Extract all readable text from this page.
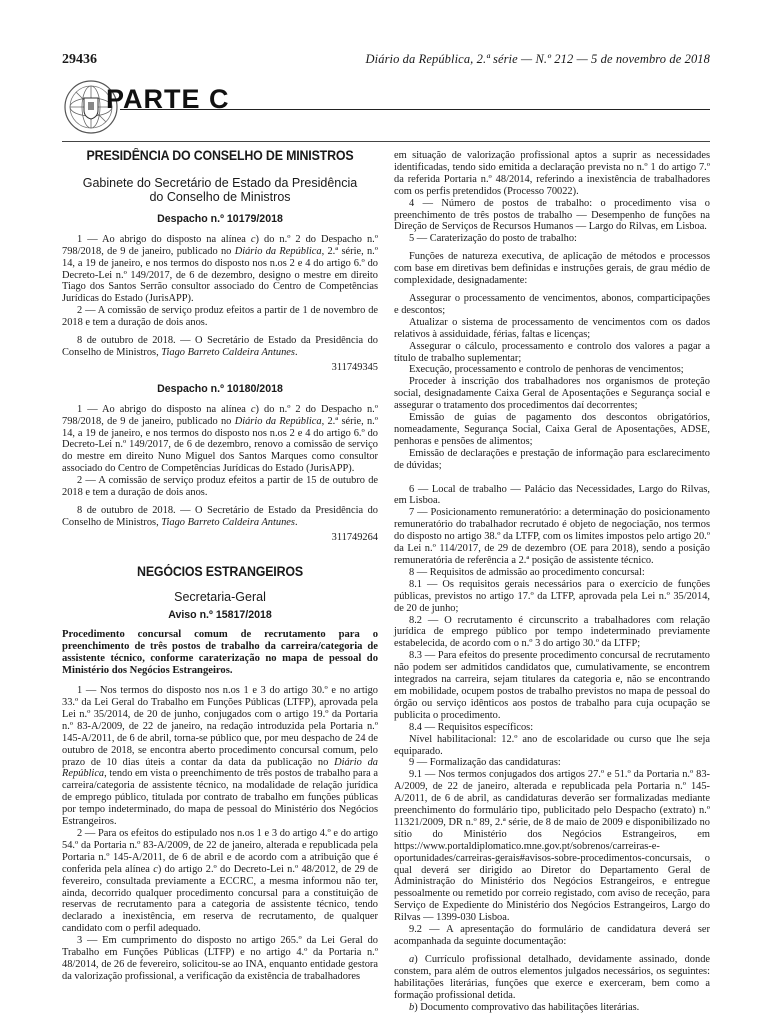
29436	Diário da República, 2.ª série — N.º 212 — 5 de novembro de 2018
PARTE C
PRESIDÊNCIA DO CONSELHO DE MINISTROS
Gabinete do Secretário de Estado da Presidência
do Conselho de Ministros
Despacho n.º 10179/2018

1 — Ao abrigo do disposto na alínea c) do n.º 2 do Despacho n.º 798/2018, de 9 de janeiro, publicado no Diário da República, 2.ª série, n.º 14, a 19 de janeiro, e nos termos do disposto nos n.os 2 e 4 do artigo 6.º do Decreto-Lei n.º 149/2017, de 6 de dezembro, designo o mestre em direito Tiago dos Santos Serrão consultor associado do Centro de Competências Jurídicas do Estado (JurisAPP).

2 — A comissão de serviço produz efeitos a partir de 1 de novembro de 2018 e tem a duração de dois anos.

8 de outubro de 2018. — O Secretário de Estado da Presidência do Conselho de Ministros, Tiago Barreto Caldeira Antunes.

311749345
Despacho n.º 10180/2018

1 — Ao abrigo do disposto na alínea c) do n.º 2 do Despacho n.º 798/2018, de 9 de janeiro, publicado no Diário da República, 2.ª série, n.º 14, a 19 de janeiro, e nos termos do disposto nos n.os 2 e 4 do artigo 6.º do Decreto-Lei n.º 149/2017, de 6 de dezembro, renovo a comissão de serviço do mestre em direito Nuno Miguel dos Santos Marques como consultor associado do Centro de Competências Jurídicas do Estado (JurisAPP).

2 — A comissão de serviço produz efeitos a partir de 15 de outubro de 2018 e tem a duração de dois anos.

8 de outubro de 2018. — O Secretário de Estado da Presidência do Conselho de Ministros, Tiago Barreto Caldeira Antunes.

311749264
NEGÓCIOS ESTRANGEIROS
Secretaria-Geral
Aviso n.º 15817/2018
Procedimento concursal comum de recrutamento para o preenchimento de três postos de trabalho da carreira/categoria de assistente técnico, conforme caraterização no mapa de pessoal do Ministério dos Negócios Estrangeiros.

1 — Nos termos do disposto nos n.os 1 e 3 do artigo 30.º e no artigo 33.º da Lei Geral do Trabalho em Funções Públicas (LTFP), aprovada pela Lei n.º 35/2014, de 20 de junho, conjugados com o artigo 19.º da Portaria n.º 83-A/2009, de 22 de janeiro, na redação introduzida pela Portaria n.º 145-A/2011, de 6 de abril, torna-se público que, por meu despacho de 24 de outubro de 2018, se encontra aberto procedimento concursal comum, pelo prazo de 10 dias úteis a contar da data da publicação no Diário da República, tendo em vista o preenchimento de três postos de trabalho para a carreira/categoria de assistente técnico, na modalidade de relação jurídica de emprego público, titulada por contrato de trabalho em funções públicas por tempo indeterminado, do mapa de pessoal do Ministério dos Negócios Estrangeiros.

2 — Para os efeitos do estipulado nos n.os 1 e 3 do artigo 4.º e do artigo 54.º da Portaria n.º 83-A/2009, de 22 de janeiro, alterada e republicada pela Portaria n.º 145-A/2011, de 6 de abril e de acordo com a atribuição que é conferida pela alínea c) do artigo 2.º do Decreto-Lei n.º 48/2012, de 29 de fevereiro, consultada previamente a ECCRC, a mesma informou não ter, ainda, decorrido qualquer procedimento concursal para a constituição de reservas de recrutamento para a categoria de assistente técnico, tendo declarado a inexistência, em reserva de recrutamento, de qualquer candidato com o perfil adequado.

3 — Em cumprimento do disposto no artigo 265.º da Lei Geral do Trabalho em Funções Públicas (LTFP) e no artigo 4.º da Portaria n.º 48/2014, de 26 de fevereiro, solicitou-se ao INA, enquanto entidade gestora da valorização profissional, a verificação da existência de trabalhadores

em situação de valorização profissional aptos a suprir as necessidades identificadas, tendo sido emitida a declaração prevista no n.º 1 do artigo 7.º da referida Portaria n.º 48/2014, referindo a inexistência de trabalhadores com os perfis pretendidos (Processo 70022).

4 — Número de postos de trabalho: o procedimento visa o preenchimento de três postos de trabalho — Desempenho de funções na Direção de Serviços de Recursos Humanos — Largo do Rilvas, em Lisboa.

5 — Caraterização do posto de trabalho:

Funções de natureza executiva, de aplicação de métodos e processos com base em diretivas bem definidas e instruções gerais, de grau médio de complexidade, designadamente:

Assegurar o processamento de vencimentos, abonos, comparticipações e descontos;

Atualizar o sistema de processamento de vencimentos com os dados relativos à assiduidade, férias, faltas e licenças;

Assegurar o cálculo, processamento e controlo dos valores a pagar a título de trabalho suplementar;

Execução, processamento e controlo de penhoras de vencimentos;

Proceder à inscrição dos trabalhadores nos organismos de proteção social, designadamente Caixa Geral de Aposentações e Segurança social e assegurar o tratamento dos procedimentos daí decorrentes;

Emissão de guias de pagamento dos descontos obrigatórios, nomeadamente, Segurança Social, Caixa Geral de Aposentações, ADSE, penhoras e pensões de alimentos;

Emissão de declarações e prestação de informação para esclarecimento de dúvidas;

6 — Local de trabalho — Palácio das Necessidades, Largo do Rilvas, em Lisboa.

7 — Posicionamento remuneratório: a determinação do posicionamento remuneratório do trabalhador recrutado é objeto de negociação, nos termos do disposto no artigo 38.º da LTFP, com os limites impostos pelo artigo 20.º da Lei n.º 114/2017, de 29 de dezembro (OE para 2018), sendo a posição remuneratória de referência a 2.ª posição de assistente técnico.

8 — Requisitos de admissão ao procedimento concursal:

8.1 — Os requisitos gerais necessários para o exercício de funções públicas, previstos no artigo 17.º da LTFP, aprovada pela Lei n.º 35/2014, de 20 de junho;

8.2 — O recrutamento é circunscrito a trabalhadores com relação jurídica de emprego público por tempo indeterminado previamente estabelecida, de acordo com o n.º 3 do artigo 30.º da LTFP;

8.3 — Para efeitos do presente procedimento concursal de recrutamento não podem ser admitidos candidatos que, cumulativamente, se encontrem integrados na carreira, sejam titulares da categoria e, não se encontrando em mobilidade, ocupem postos de trabalho previstos no mapa de pessoal do órgão ou serviço idênticos aos postos de trabalho para cuja ocupação se publicita o procedimento.

8.4 — Requisitos específicos:

Nível habilitacional: 12.º ano de escolaridade ou curso que lhe seja equiparado.

9 — Formalização das candidaturas:

9.1 — Nos termos conjugados dos artigos 27.º e 51.º da Portaria n.º 83-A/2009, de 22 de janeiro, alterada e republicada pela Portaria n.º 145-A/2011, de 6 de abril, as candidaturas deverão ser formalizadas mediante preenchimento do formulário tipo, publicitado pelo Despacho (extrato) n.º 11321/2009, DR n.º 89, 2.ª série, de 8 de maio de 2009 e disponibilizado no sítio do Ministério dos Negócios Estrangeiros, em https://www.portaldiplomatico.mne.gov.pt/sobrenos/carreiras-e-oportunidades/carreiras-gerais#avisos-sobre-procedimentos-concursais, o qual deverá ser dirigido ao Diretor do Departamento Geral de Administração do Ministério dos Negócios Estrangeiros, e entregue pessoalmente ou remetido por correio registado, com aviso de receção, para Serviço de Expediente do Ministério dos Negócios Estrangeiros, Largo do Rilvas — 1399-030 Lisboa.

9.2 — A apresentação do formulário de candidatura deverá ser acompanhada da seguinte documentação:

a) Currículo profissional detalhado, devidamente assinado, donde constem, para além de outros elementos julgados necessários, os seguintes: habilitações literárias, funções que exerce e exerceram, bem como a formação profissional detida.

b) Documento comprovativo das habilitações literárias.
